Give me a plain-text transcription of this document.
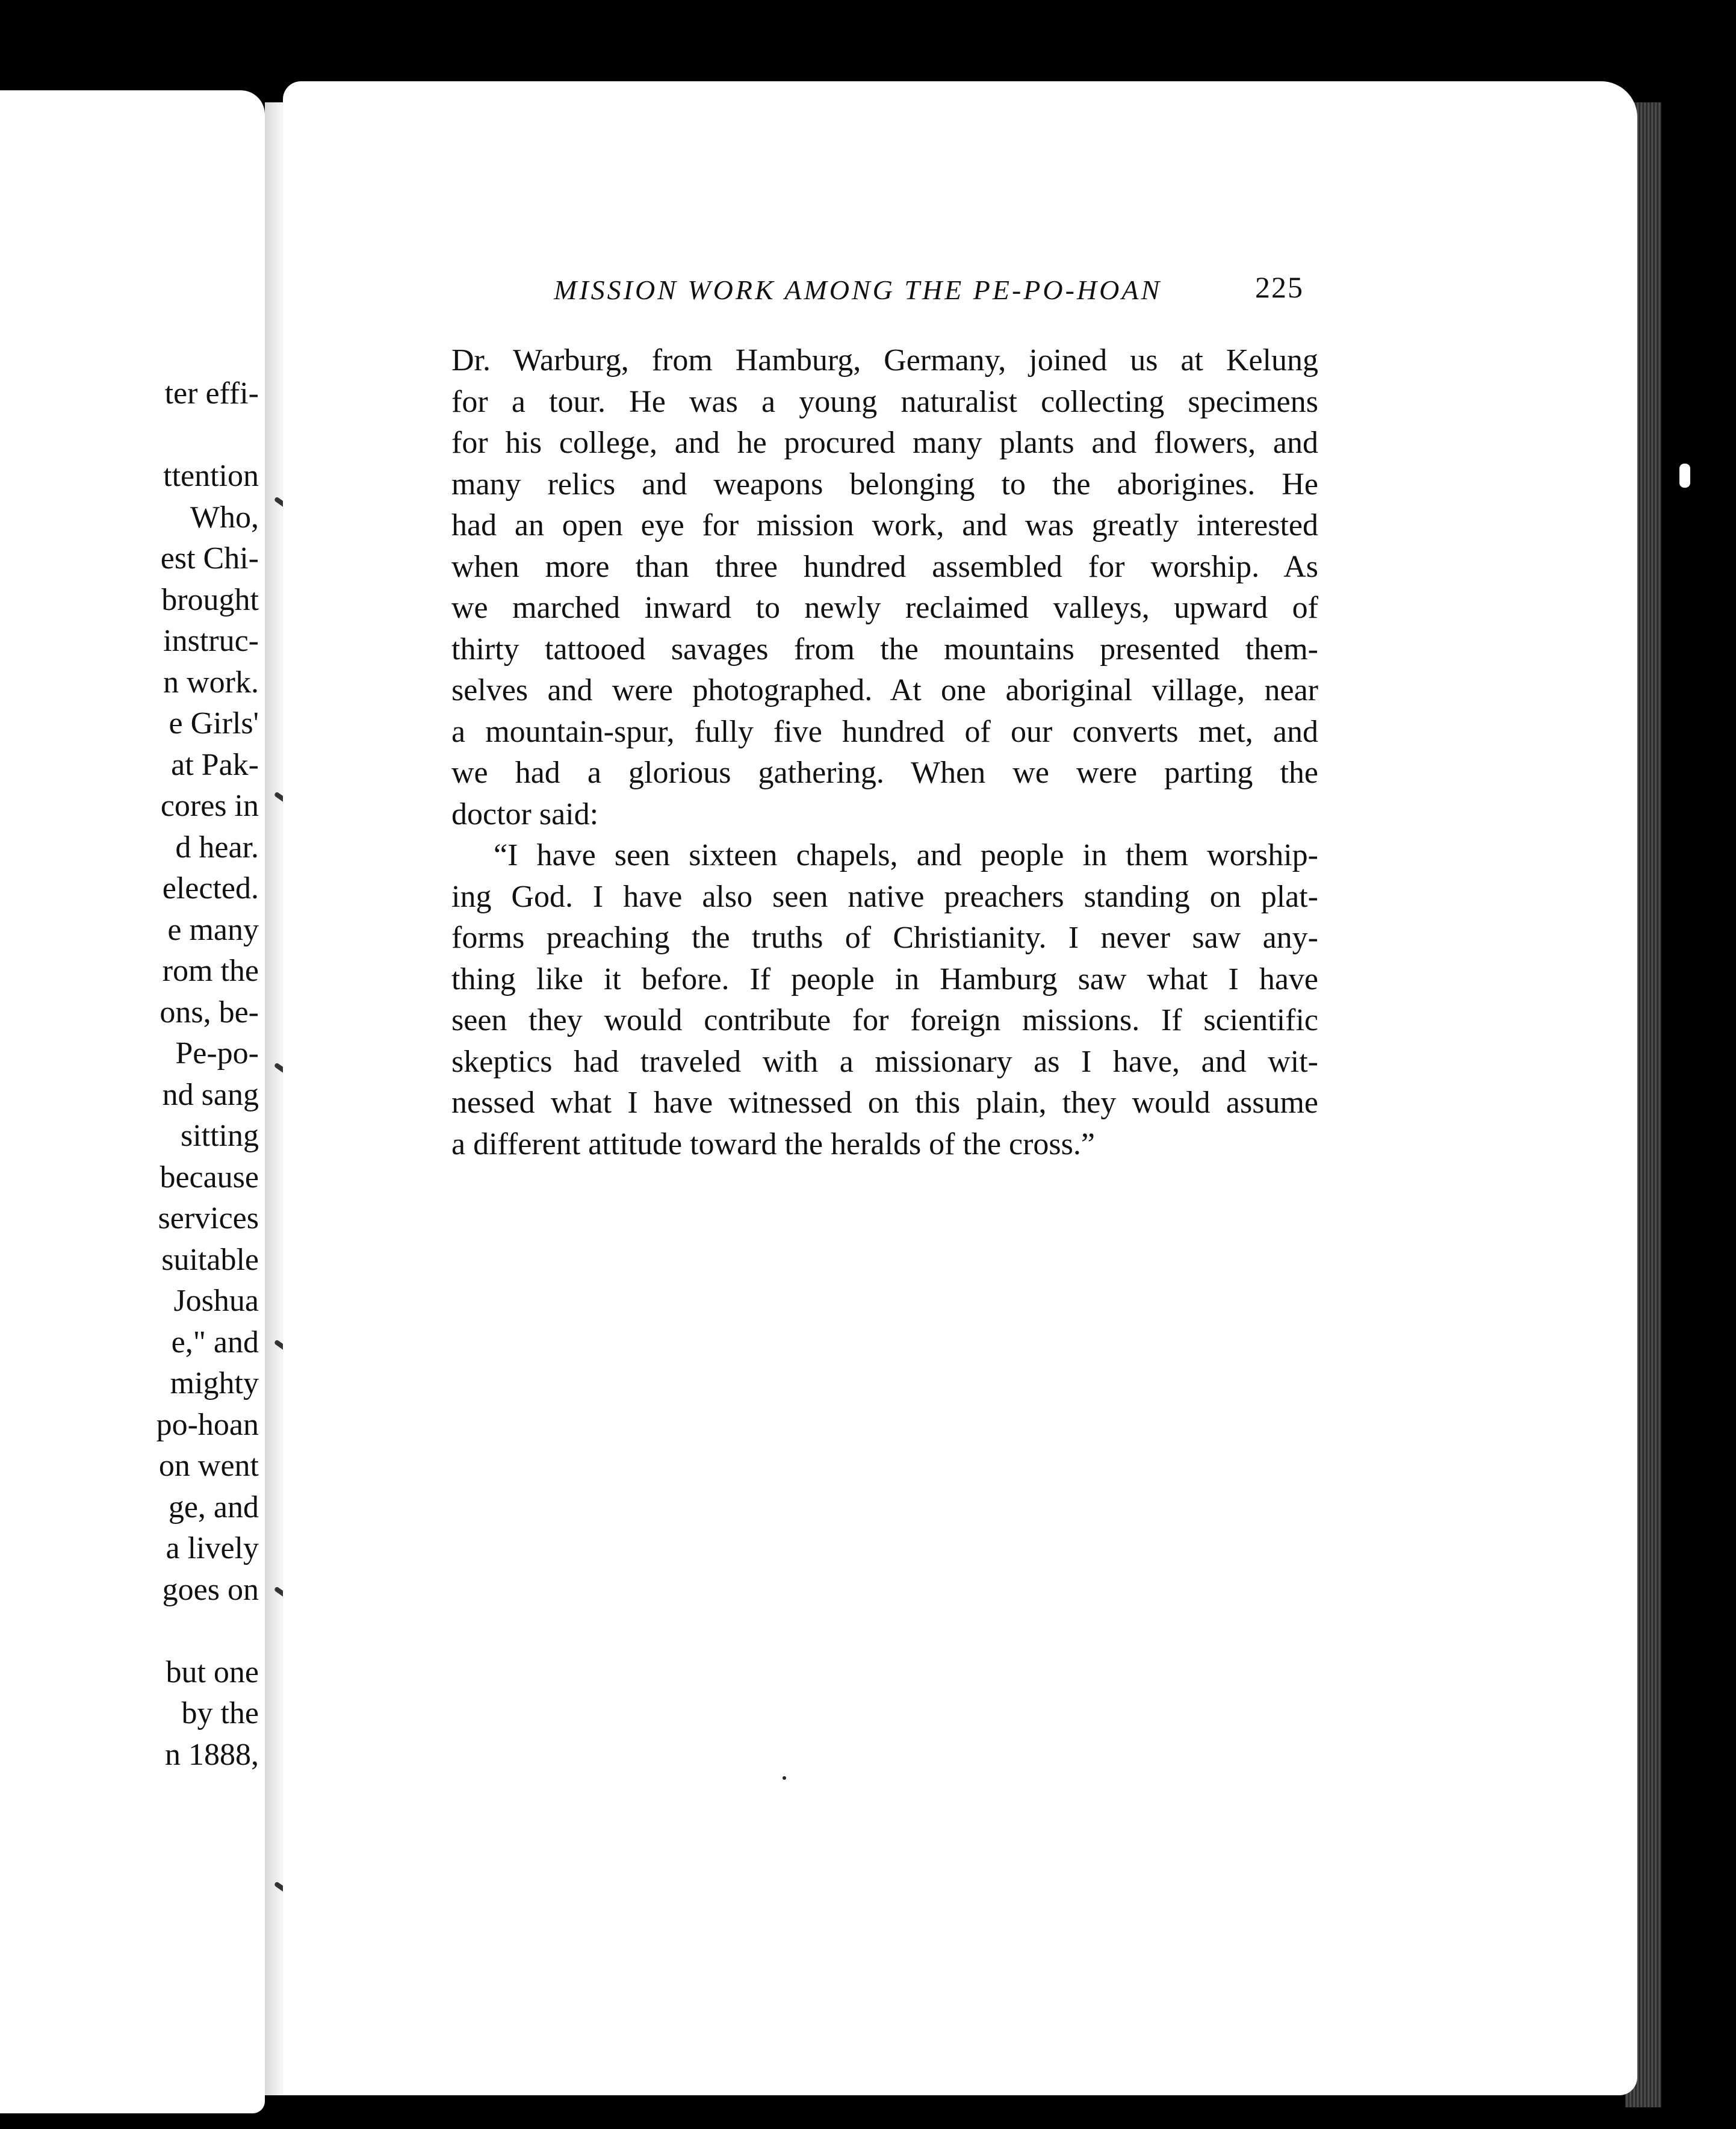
ter effi-

ttention
Who,
est Chi-
brought
instruc-
n work.
e Girls'
at Pak-
cores in
d hear.
elected.
e many
rom the
ons, be-
Pe-po-
nd sang
sitting
because
services
suitable
Joshua
e," and
mighty
po-hoan
on went
ge, and
a lively
goes on

but one
by the
n 1888,
MISSION WORK AMONG THE PE-PO-HOAN	225
Dr. Warburg, from Hamburg, Germany, joined us at Kelung
for a tour. He was a young naturalist collecting specimens
for his college, and he procured many plants and flowers, and
many relics and weapons belonging to the aborigines. He
had an open eye for mission work, and was greatly interested
when more than three hundred assembled for worship. As
we marched inward to newly reclaimed valleys, upward of
thirty tattooed savages from the mountains presented them-
selves and were photographed. At one aboriginal village, near
a mountain-spur, fully five hundred of our converts met, and
we had a glorious gathering. When we were parting the
doctor said:
“I have seen sixteen chapels, and people in them worship-
ing God. I have also seen native preachers standing on plat-
forms preaching the truths of Christianity. I never saw any-
thing like it before. If people in Hamburg saw what I have
seen they would contribute for foreign missions. If scientific
skeptics had traveled with a missionary as I have, and wit-
nessed what I have witnessed on this plain, they would assume
a different attitude toward the heralds of the cross.”
